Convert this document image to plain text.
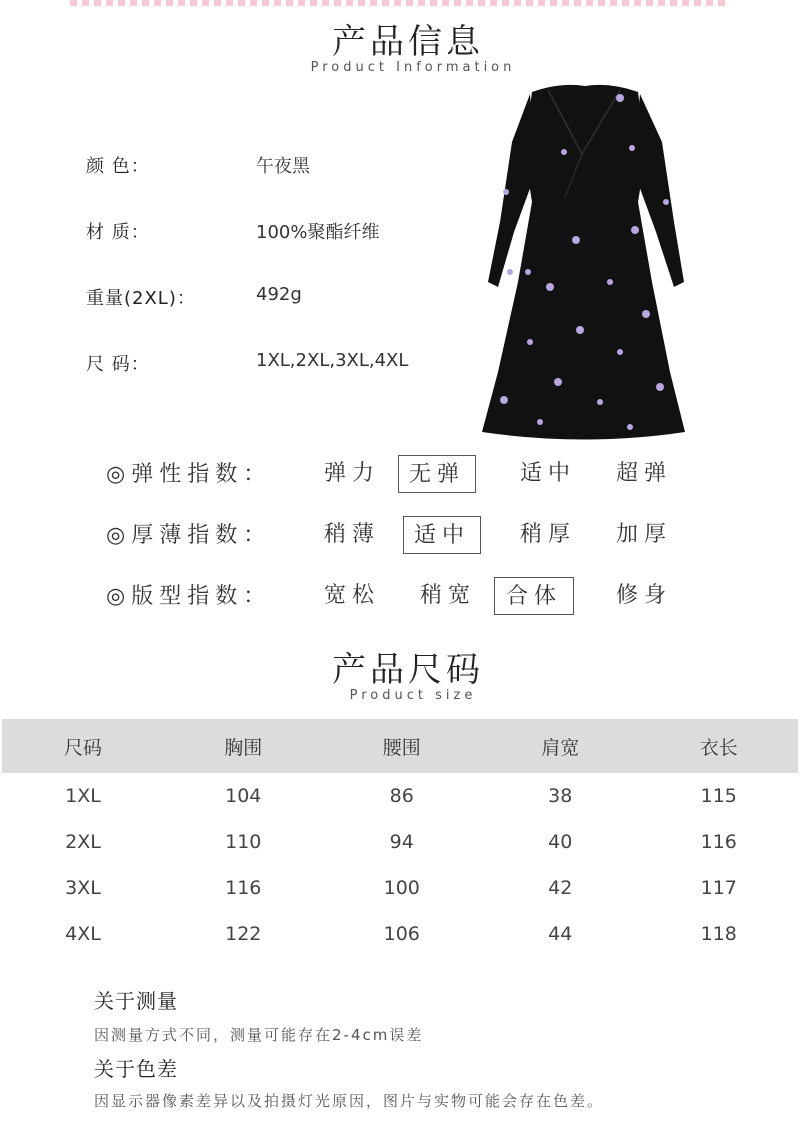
产品信息
Product Information
颜 色：	午夜黑
材 质：	100%聚酯纤维
重量(2XL)：	492g
尺 码：	1XL,2XL,3XL,4XL
◎弹性指数：	弹力	无弹	适中	超弹
◎厚薄指数：	稍薄	适中	稍厚	加厚
◎版型指数：	宽松	稍宽	合体	修身
产品尺码
Product size
尺码	胸围	腰围	肩宽	衣长
1XL	104	86	38	115
2XL	110	94	40	116
3XL	116	100	42	117
4XL	122	106	44	118
关于测量
因测量方式不同，测量可能存在2-4cm误差
关于色差
因显示器像素差异以及拍摄灯光原因，图片与实物可能会存在色差。
